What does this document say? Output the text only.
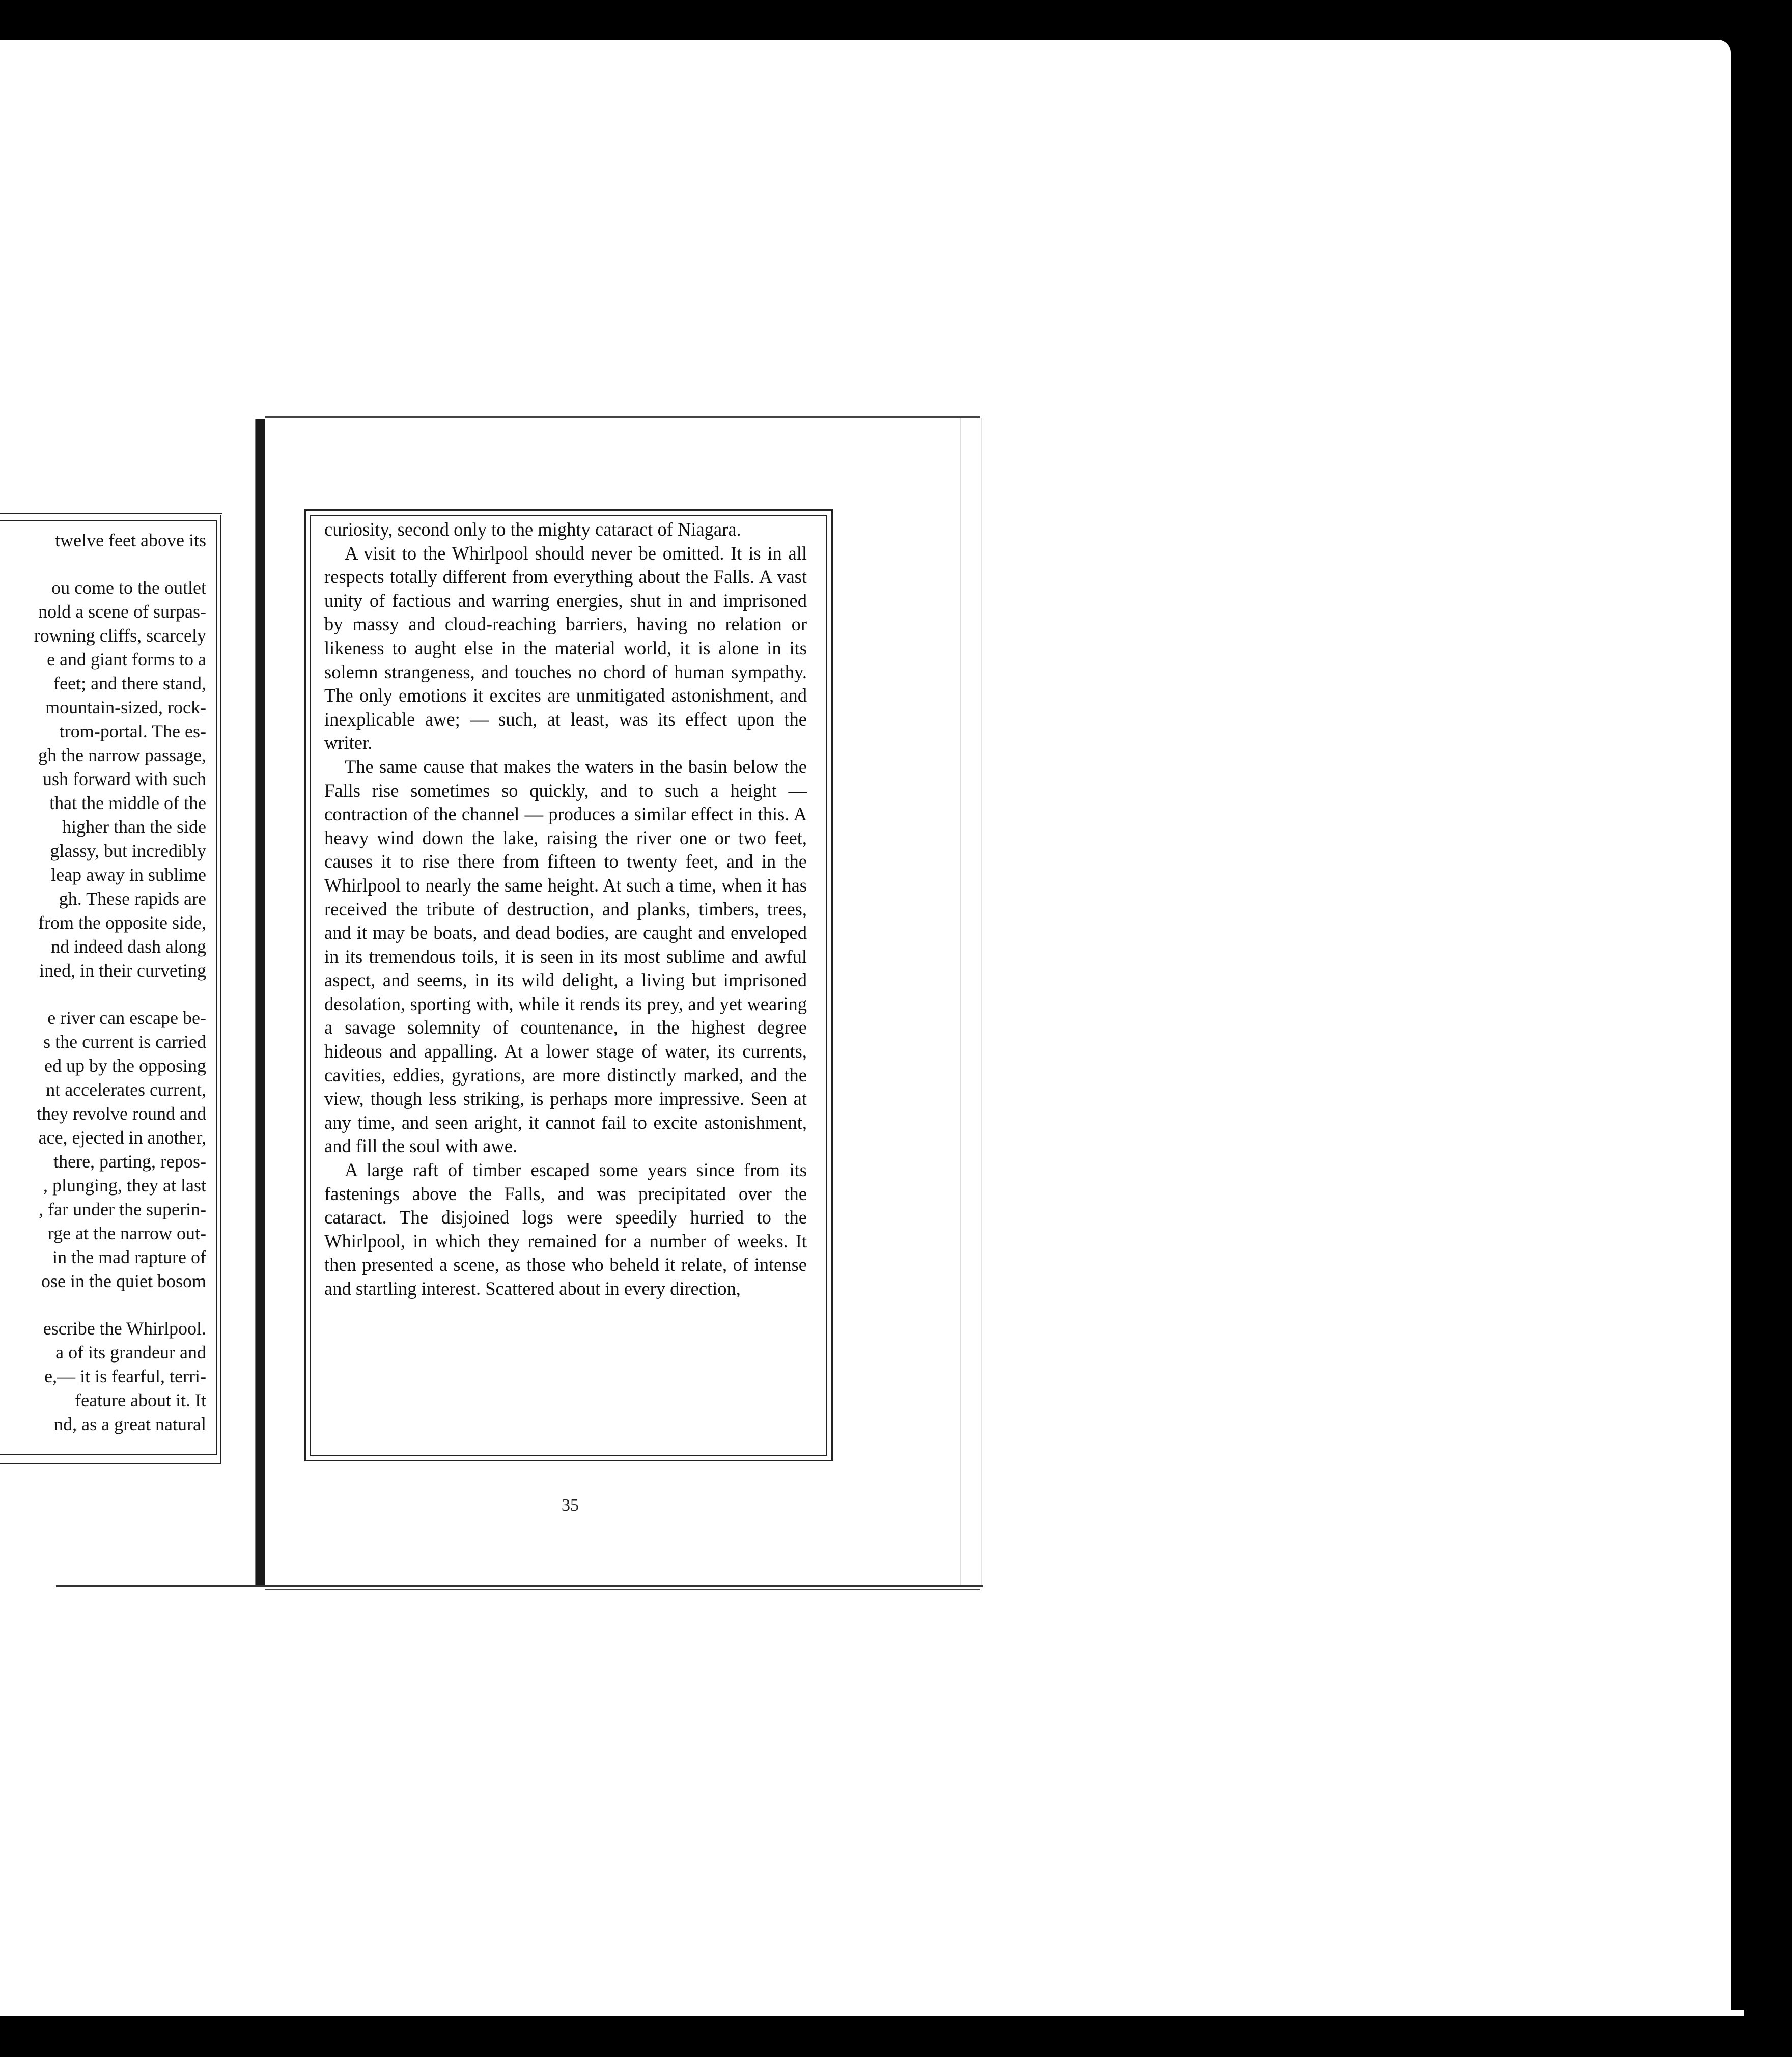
twelve feet above its
ou come to the outlet
nold a scene of surpas-
rowning cliffs, scarcely
e and giant forms to a
feet; and there stand,
mountain-sized, rock-
trom-portal. The es-
gh the narrow passage,
ush forward with such
that the middle of the
higher than the side
glassy, but incredibly
leap away in sublime
gh. These rapids are
from the opposite side,
nd indeed dash along
ined, in their curveting
e river can escape be-
s the current is carried
ed up by the opposing
nt accelerates current,
they revolve round and
ace, ejected in another,
there, parting, repos-
, plunging, they at last
, far under the superin-
rge at the narrow out-
in the mad rapture of
ose in the quiet bosom
escribe the Whirlpool.
a of its grandeur and
e,— it is fearful, terri-
feature about it. It
nd, as a great natural

curiosity, second only to the mighty cataract of Niagara.

A visit to the Whirlpool should never be omitted. It is in all respects totally different from everything about the Falls. A vast unity of factious and warring energies, shut in and imprisoned by massy and cloud-reaching barriers, having no relation or likeness to aught else in the material world, it is alone in its solemn strangeness, and touches no chord of human sympathy. The only emotions it excites are unmitigated astonishment, and inexplicable awe; — such, at least, was its effect upon the writer.

The same cause that makes the waters in the basin below the Falls rise sometimes so quickly, and to such a height — contraction of the channel — produces a similar effect in this. A heavy wind down the lake, raising the river one or two feet, causes it to rise there from fifteen to twenty feet, and in the Whirlpool to nearly the same height. At such a time, when it has received the tribute of destruction, and planks, timbers, trees, and it may be boats, and dead bodies, are caught and enveloped in its tremendous toils, it is seen in its most sublime and awful aspect, and seems, in its wild delight, a living but imprisoned desolation, sporting with, while it rends its prey, and yet wearing a savage solemnity of countenance, in the highest degree hideous and appalling. At a lower stage of water, its currents, cavities, eddies, gyrations, are more distinctly marked, and the view, though less striking, is perhaps more impressive. Seen at any time, and seen aright, it cannot fail to excite astonishment, and fill the soul with awe.

A large raft of timber escaped some years since from its fastenings above the Falls, and was precipitated over the cataract. The disjoined logs were speedily hurried to the Whirlpool, in which they remained for a number of weeks. It then presented a scene, as those who beheld it relate, of intense and startling interest. Scattered about in every direction,

35
